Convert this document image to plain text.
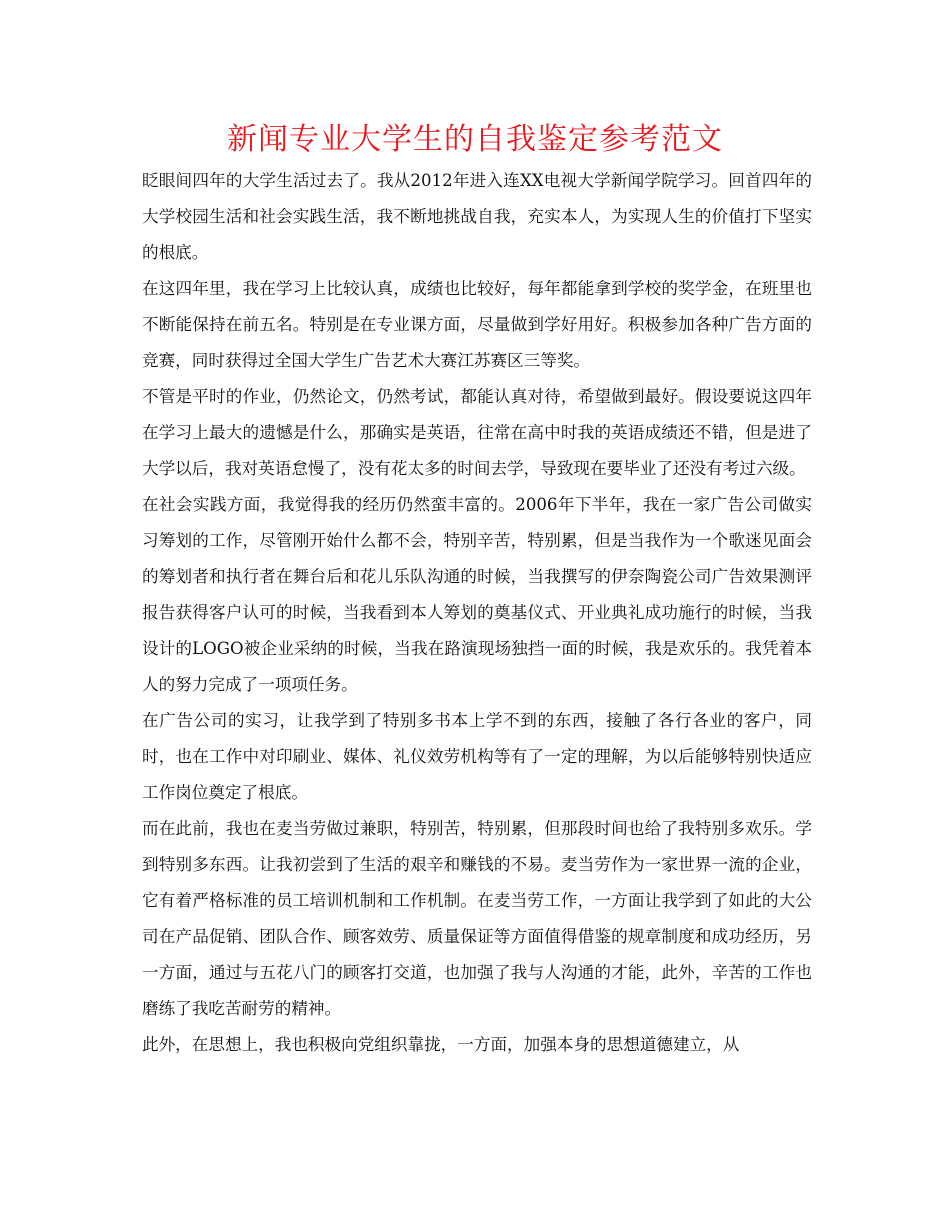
新闻专业大学生的自我鉴定参考范文

眨眼间四年的大学生活过去了。我从2012年进入连XX电视大学新闻学院学习。回首四年的大学校园生活和社会实践生活，我不断地挑战自我，充实本人，为实现人生的价值打下坚实的根底。

在这四年里，我在学习上比较认真，成绩也比较好，每年都能拿到学校的奖学金，在班里也不断能保持在前五名。特别是在专业课方面，尽量做到学好用好。积极参加各种广告方面的竞赛，同时获得过全国大学生广告艺术大赛江苏赛区三等奖。

不管是平时的作业，仍然论文，仍然考试，都能认真对待，希望做到最好。假设要说这四年在学习上最大的遗憾是什么，那确实是英语，往常在高中时我的英语成绩还不错，但是进了大学以后，我对英语怠慢了，没有花太多的时间去学，导致现在要毕业了还没有考过六级。

在社会实践方面，我觉得我的经历仍然蛮丰富的。2006年下半年，我在一家广告公司做实习筹划的工作，尽管刚开始什么都不会，特别辛苦，特别累，但是当我作为一个歌迷见面会的筹划者和执行者在舞台后和花儿乐队沟通的时候，当我撰写的伊奈陶瓷公司广告效果测评报告获得客户认可的时候，当我看到本人筹划的奠基仪式、开业典礼成功施行的时候，当我设计的LOGO被企业采纳的时候，当我在路演现场独挡一面的时候，我是欢乐的。我凭着本人的努力完成了一项项任务。

在广告公司的实习，让我学到了特别多书本上学不到的东西，接触了各行各业的客户，同时，也在工作中对印刷业、媒体、礼仪效劳机构等有了一定的理解，为以后能够特别快适应工作岗位奠定了根底。

而在此前，我也在麦当劳做过兼职，特别苦，特别累，但那段时间也给了我特别多欢乐。学到特别多东西。让我初尝到了生活的艰辛和赚钱的不易。麦当劳作为一家世界一流的企业，它有着严格标准的员工培训机制和工作机制。在麦当劳工作，一方面让我学到了如此的大公司在产品促销、团队合作、顾客效劳、质量保证等方面值得借鉴的规章制度和成功经历，另一方面，通过与五花八门的顾客打交道，也加强了我与人沟通的才能，此外，辛苦的工作也磨练了我吃苦耐劳的精神。

此外，在思想上，我也积极向党组织靠拢，一方面，加强本身的思想道德建立，从
